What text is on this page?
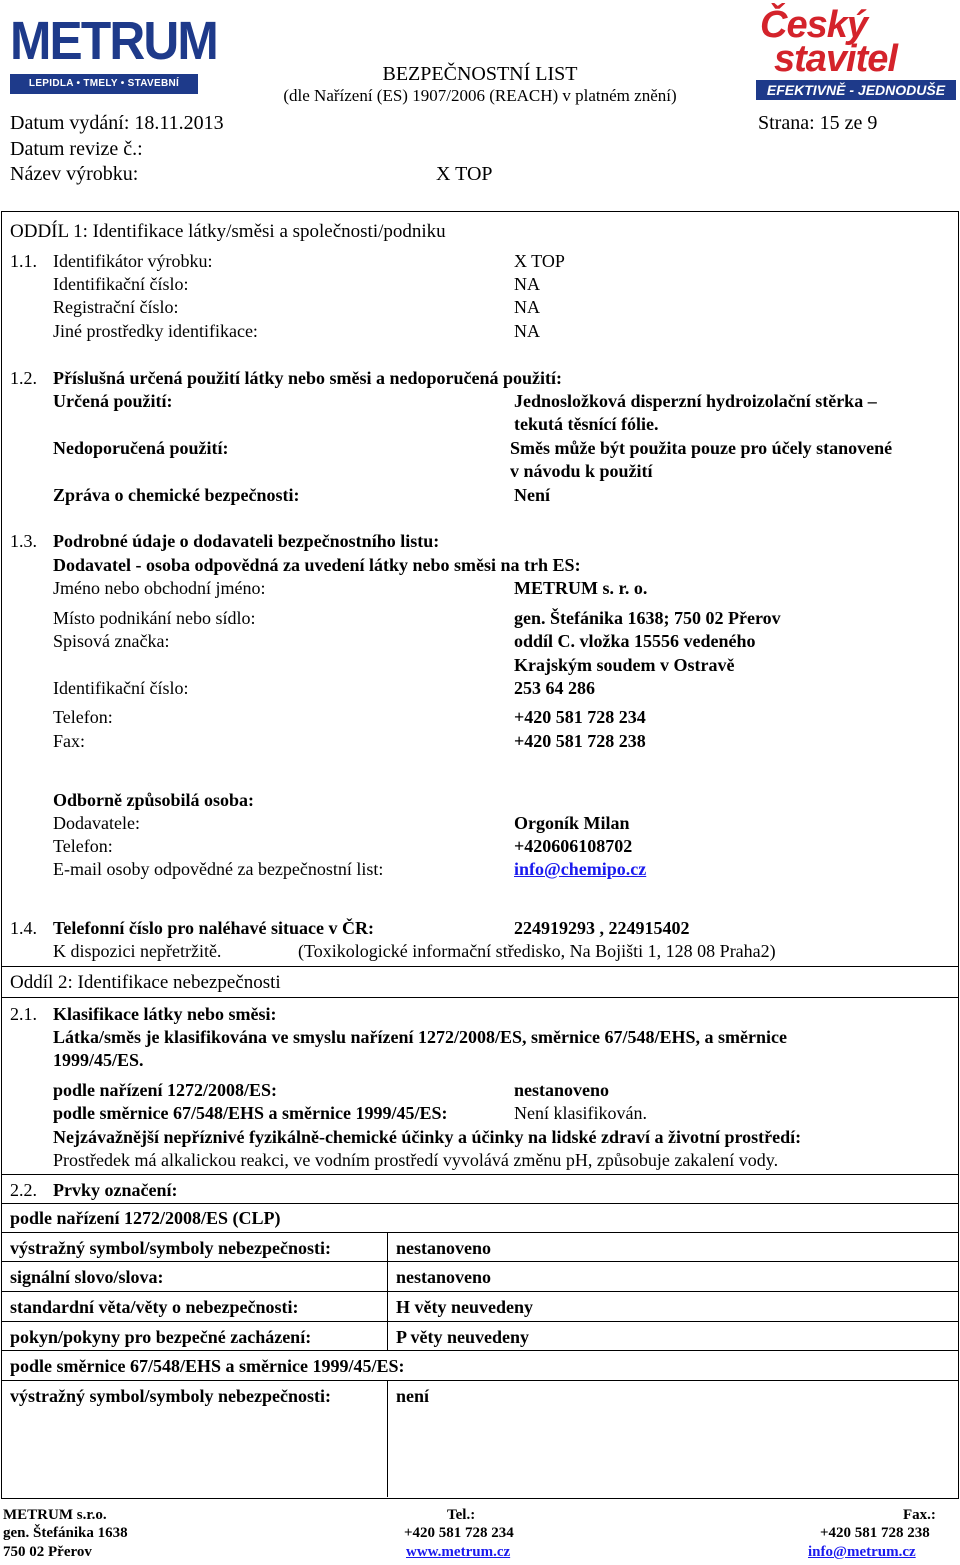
METRUM
LEPIDLA • TMELY • STAVEBNÍ CHEMIE
BEZPEČNOSTNÍ LIST
(dle Nařízení (ES) 1907/2006 (REACH) v platném znění)
Český
stavitel
EFEKTIVNĚ - JEDNODUŠE
Datum vydání: 18.11.2013	Strana: 15 ze 9
Datum revize č.:
Název výrobku:	X TOP
ODDÍL 1: Identifikace látky/směsi a společnosti/podniku
1.1. Identifikátor výrobku:	X TOP
Identifikační číslo:	NA
Registrační číslo:	NA
Jiné prostředky identifikace:	NA
1.2. Příslušná určená použití látky nebo směsi a nedoporučená použití:
Určená použití:	Jednosložková disperzní hydroizolační stěrka –
tekutá těsnící fólie.
Nedoporučená použití:	Směs může být použita pouze pro účely stanovené
v návodu k použití
Zpráva o chemické bezpečnosti:	Není
1.3. Podrobné údaje o dodavateli bezpečnostního listu:
Dodavatel - osoba odpovědná za uvedení látky nebo směsi na trh ES:
Jméno nebo obchodní jméno:	METRUM s. r. o.
Místo podnikání nebo sídlo:	gen. Štefánika 1638; 750 02 Přerov
Spisová značka:	oddíl C. vložka 15556 vedeného
Krajským soudem v Ostravě
Identifikační číslo:	253 64 286
Telefon:	+420 581 728 234
Fax:	+420 581 728 238
Odborně způsobilá osoba:
Dodavatele:	Orgoník Milan
Telefon:	+420606108702
E-mail osoby odpovědné za bezpečnostní list:	info@chemipo.cz
1.4. Telefonní číslo pro naléhavé situace v ČR:	224919293 , 224915402
K dispozici nepřetržitě.	(Toxikologické informační středisko, Na Bojišti 1, 128 08 Praha2)
Oddíl 2: Identifikace nebezpečnosti
2.1. Klasifikace látky nebo směsi:
Látka/směs je klasifikována ve smyslu nařízení 1272/2008/ES, směrnice 67/548/EHS, a směrnice
1999/45/ES.
podle nařízení 1272/2008/ES:	nestanoveno
podle směrnice 67/548/EHS a směrnice 1999/45/ES:	Není klasifikován.
Nejzávažnější nepříznivé fyzikálně-chemické účinky a účinky na lidské zdraví a životní prostředí:
Prostředek má alkalickou reakci, ve vodním prostředí vyvolává změnu pH, způsobuje zakalení vody.
2.2. Prvky označení:
podle nařízení 1272/2008/ES (CLP)
výstražný symbol/symboly nebezpečnosti:	nestanoveno
signální slovo/slova:	nestanoveno
standardní věta/věty o nebezpečnosti:	H věty neuvedeny
pokyn/pokyny pro bezpečné zacházení:	P věty neuvedeny
podle směrnice 67/548/EHS a směrnice 1999/45/ES:
výstražný symbol/symboly nebezpečnosti:	není
METRUM s.r.o.
gen. Štefánika 1638
750 02 Přerov
Tel.:
+420 581 728 234
www.metrum.cz
Fax.:
+420 581 728 238
info@metrum.cz
